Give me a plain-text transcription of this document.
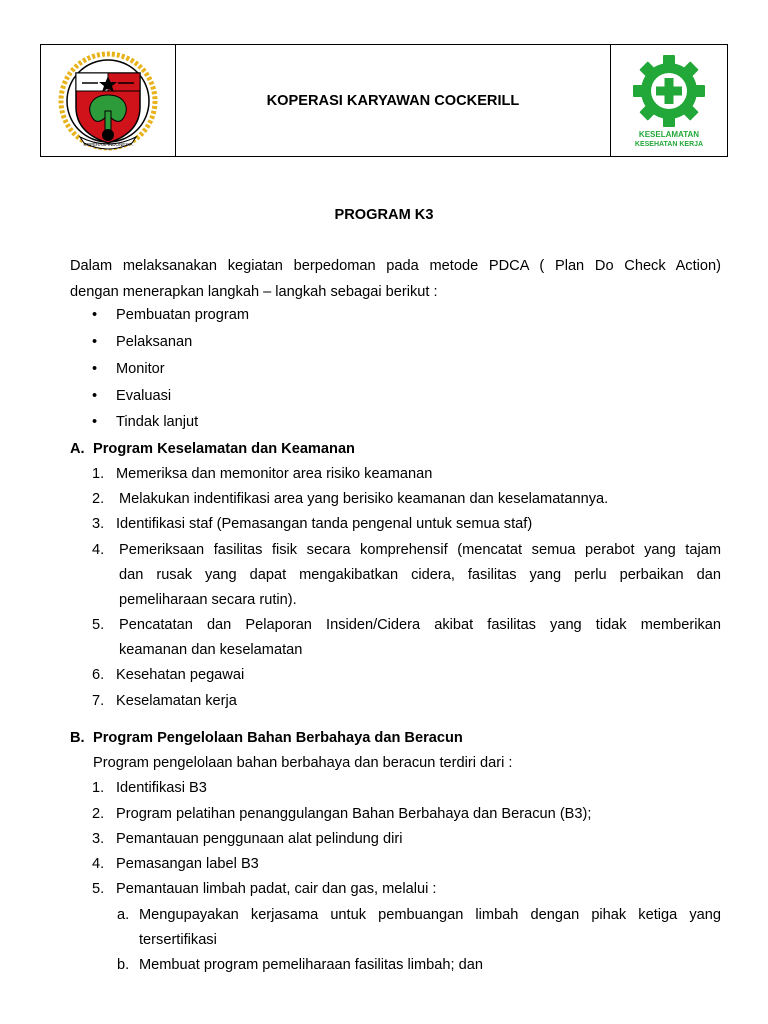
KOPERASI INDONESIA
KOPERASI KARYAWAN COCKERILL
KESELAMATAN
KESEHATAN KERJA
PROGRAM K3
Dalam melaksanakan kegiatan berpedoman pada metode PDCA ( Plan Do Check Action)
dengan menerapkan langkah – langkah sebagai berikut :
• Pembuatan program
• Pelaksanan
• Monitor
• Evaluasi
• Tindak lanjut
A. Program Keselamatan dan Keamanan
1. Memeriksa dan memonitor area risiko keamanan
2. Melakukan indentifikasi area yang berisiko keamanan dan keselamatannya.
3. Identifikasi staf (Pemasangan tanda pengenal untuk semua staf)
4. Pemeriksaan fasilitas fisik secara komprehensif (mencatat semua perabot yang tajam
dan rusak yang dapat mengakibatkan cidera, fasilitas yang perlu perbaikan dan
pemeliharaan secara rutin).
5. Pencatatan dan Pelaporan Insiden/Cidera akibat fasilitas yang tidak memberikan
keamanan dan keselamatan
6. Kesehatan pegawai
7. Keselamatan kerja
B. Program Pengelolaan Bahan Berbahaya dan Beracun
Program pengelolaan bahan berbahaya dan beracun terdiri dari :
1. Identifikasi B3
2. Program pelatihan penanggulangan Bahan Berbahaya dan Beracun (B3);
3. Pemantauan penggunaan alat pelindung diri
4. Pemasangan label B3
5. Pemantauan limbah padat, cair dan gas, melalui :
a. Mengupayakan kerjasama untuk pembuangan limbah dengan pihak ketiga yang
tersertifikasi
b. Membuat program pemeliharaan fasilitas limbah; dan
